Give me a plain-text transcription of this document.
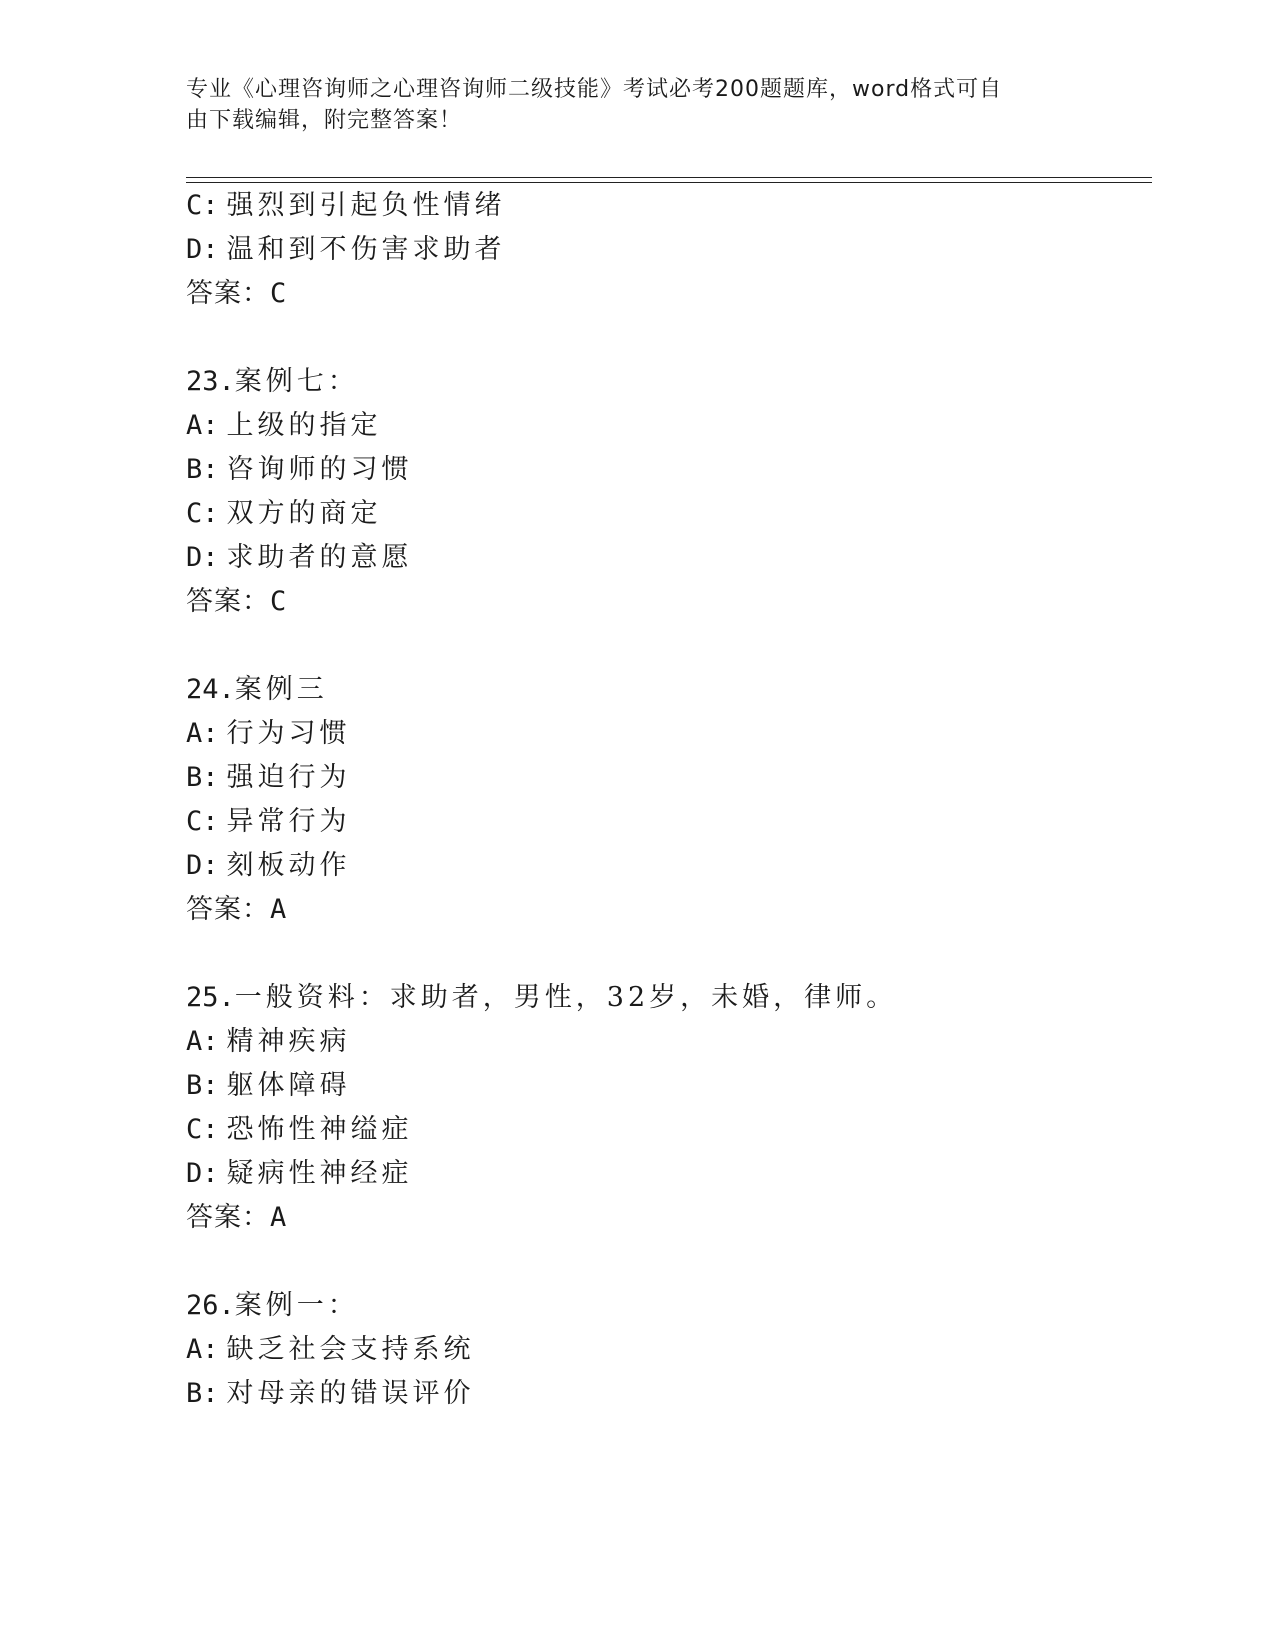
专业《心理咨询师之心理咨询师二级技能》考试必考200题题库，word格式可自
由下载编辑，附完整答案！
C: 强烈到引起负性情绪
D: 温和到不伤害求助者
答案：C
23.案例七：
A: 上级的指定
B: 咨询师的习惯
C: 双方的商定
D: 求助者的意愿
答案：C
24.案例三
A: 行为习惯
B: 强迫行为
C: 异常行为
D: 刻板动作
答案：A
25.一般资料：求助者，男性，32岁，未婚，律师。
A: 精神疾病
B: 躯体障碍
C: 恐怖性神缢症
D: 疑病性神经症
答案：A
26.案例一：
A: 缺乏社会支持系统
B: 对母亲的错误评价
